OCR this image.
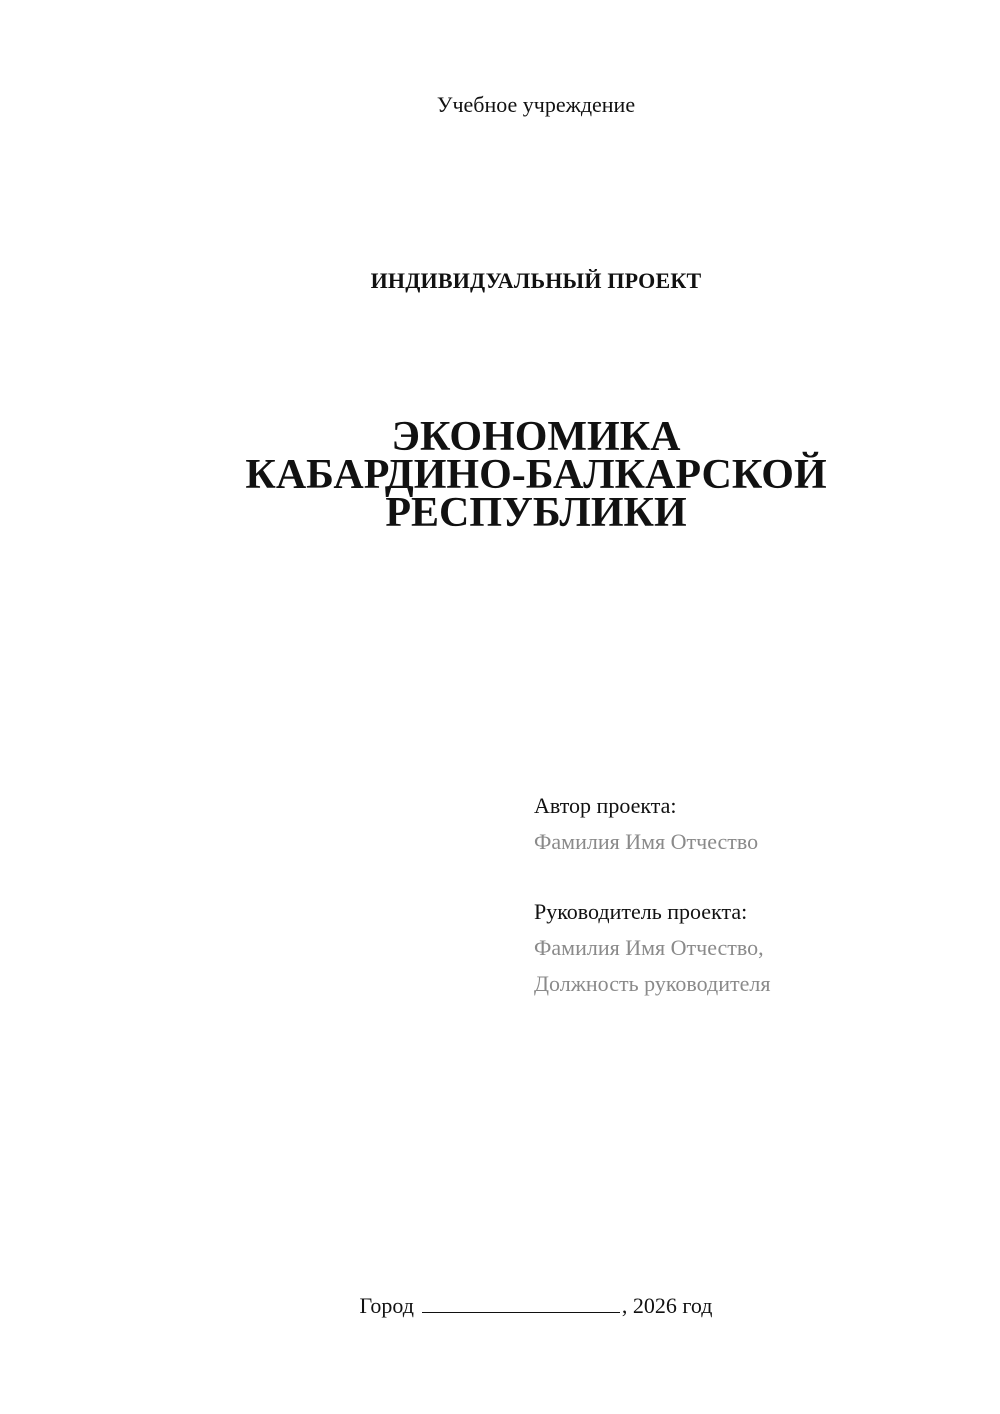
Учебное учреждение

ИНДИВИДУАЛЬНЫЙ ПРОЕКТ

ЭКОНОМИКА
КАБАРДИНО-БАЛКАРСКОЙ
РЕСПУБЛИКИ
Автор проекта:
Фамилия Имя Отчество
Руководитель проекта:
Фамилия Имя Отчество,
Должность руководителя
Город	, 2026 год
